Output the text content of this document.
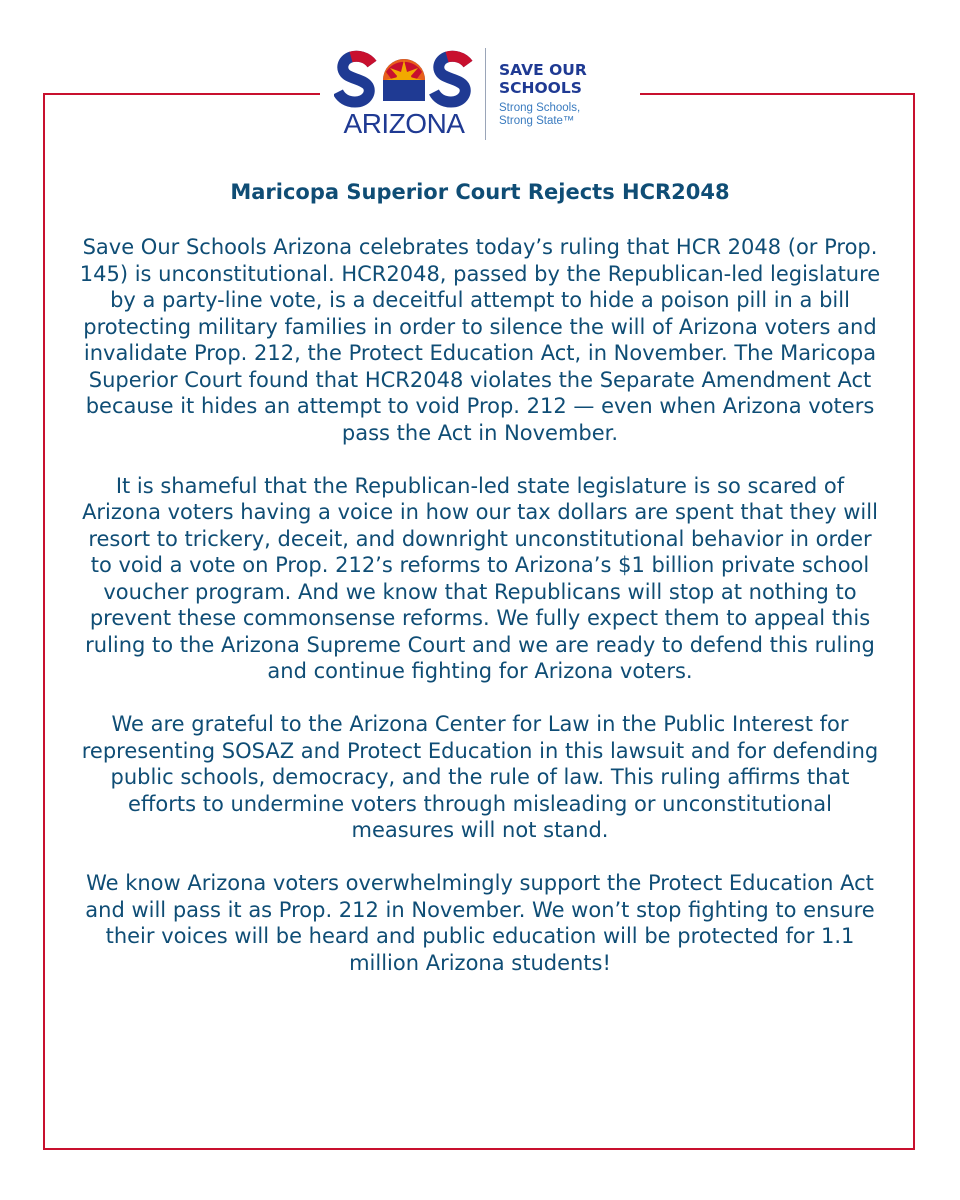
ARIZONA
SAVE OUR
SCHOOLS
Strong Schools,
Strong State™
Maricopa Superior Court Rejects HCR2048

Save Our Schools Arizona celebrates today’s ruling that HCR 2048 (or Prop. 145) is unconstitutional. HCR2048, passed by the Republican-led legislature by a party-line vote, is a deceitful attempt to hide a poison pill in a bill protecting military families in order to silence the will of Arizona voters and invalidate Prop. 212, the Protect Education Act, in November. The Maricopa Superior Court found that HCR2048 violates the Separate Amendment Act because it hides an attempt to void Prop. 212 — even when Arizona voters pass the Act in November.

It is shameful that the Republican-led state legislature is so scared of Arizona voters having a voice in how our tax dollars are spent that they will resort to trickery, deceit, and downright unconstitutional behavior in order to void a vote on Prop. 212’s reforms to Arizona’s $1 billion private school voucher program. And we know that Republicans will stop at nothing to prevent these commonsense reforms. We fully expect them to appeal this ruling to the Arizona Supreme Court and we are ready to defend this ruling and continue fighting for Arizona voters.

We are grateful to the Arizona Center for Law in the Public Interest for representing SOSAZ and Protect Education in this lawsuit and for defending public schools, democracy, and the rule of law. This ruling affirms that efforts to undermine voters through misleading or unconstitutional measures will not stand.

We know Arizona voters overwhelmingly support the Protect Education Act and will pass it as Prop. 212 in November. We won’t stop fighting to ensure their voices will be heard and public education will be protected for 1.1 million Arizona students!
